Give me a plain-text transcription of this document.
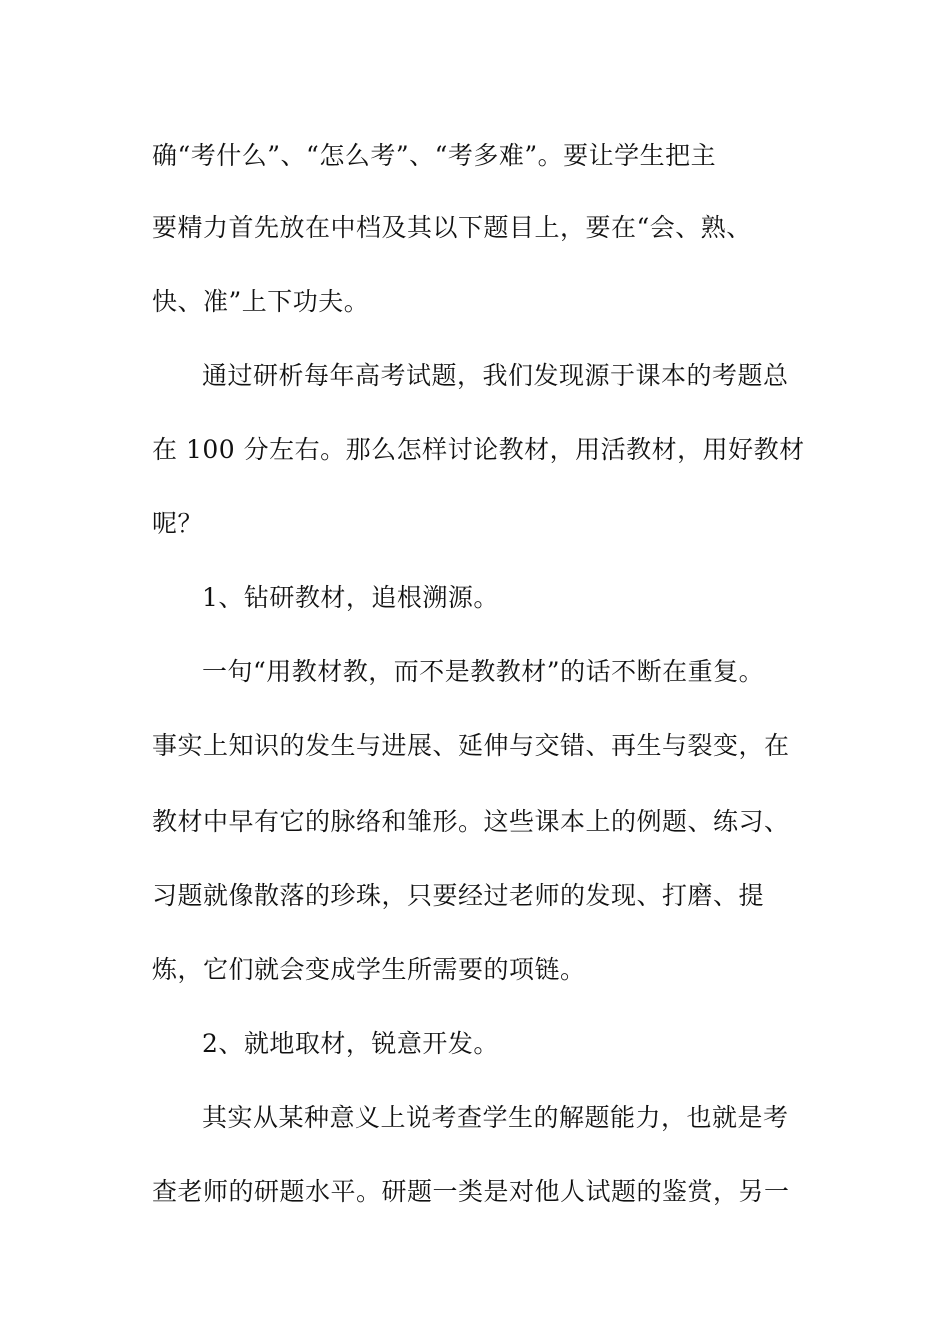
确“考什么”、“怎么考”、“考多难”。要让学生把主
要精力首先放在中档及其以下题目上，要在“会、熟、
快、准”上下功夫。
通过研析每年高考试题，我们发现源于课本的考题总
在 100 分左右。那么怎样讨论教材，用活教材，用好教材
呢？
1、钻研教材，追根溯源。
一句“用教材教，而不是教教材”的话不断在重复。
事实上知识的发生与进展、延伸与交错、再生与裂变，在
教材中早有它的脉络和雏形。这些课本上的例题、练习、
习题就像散落的珍珠，只要经过老师的发现、打磨、提
炼，它们就会变成学生所需要的项链。
2、就地取材，锐意开发。
其实从某种意义上说考查学生的解题能力，也就是考
查老师的研题水平。研题一类是对他人试题的鉴赏，另一
